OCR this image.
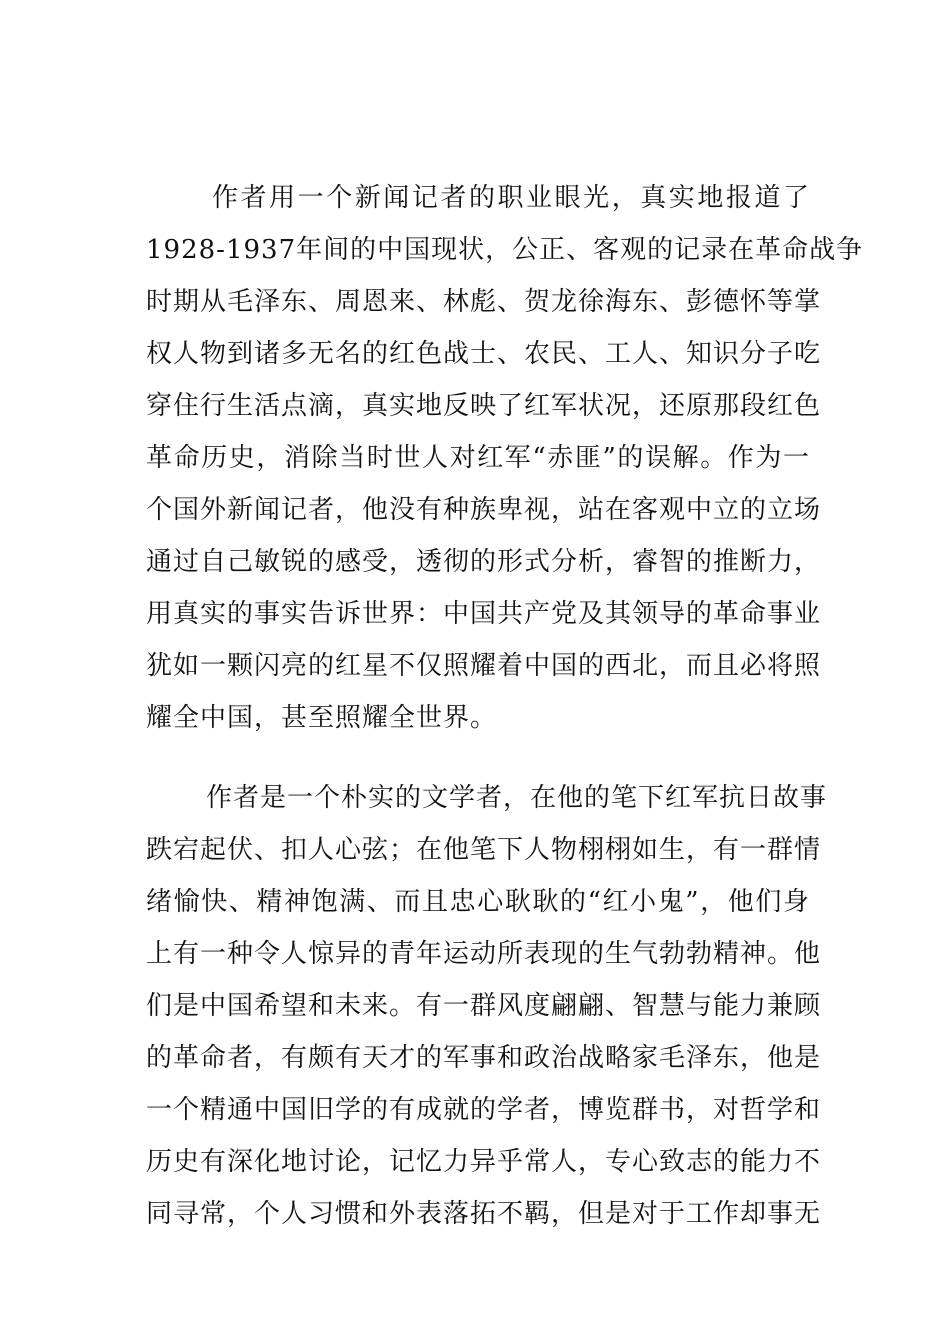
作者用一个新闻记者的职业眼光，真实地报道了
1928-1937年间的中国现状，公正、客观的记录在革命战争
时期从毛泽东、周恩来、林彪、贺龙徐海东、彭德怀等掌
权人物到诸多无名的红色战士、农民、工人、知识分子吃
穿住行生活点滴，真实地反映了红军状况，还原那段红色
革命历史，消除当时世人对红军“赤匪”的误解。作为一
个国外新闻记者，他没有种族卑视，站在客观中立的立场
通过自己敏锐的感受，透彻的形式分析，睿智的推断力，
用真实的事实告诉世界：中国共产党及其领导的革命事业
犹如一颗闪亮的红星不仅照耀着中国的西北，而且必将照
耀全中国，甚至照耀全世界。
作者是一个朴实的文学者，在他的笔下红军抗日故事
跌宕起伏、扣人心弦；在他笔下人物栩栩如生，有一群情
绪愉快、精神饱满、而且忠心耿耿的“红小鬼”，他们身
上有一种令人惊异的青年运动所表现的生气勃勃精神。他
们是中国希望和未来。有一群风度翩翩、智慧与能力兼顾
的革命者，有颇有天才的军事和政治战略家毛泽东，他是
一个精通中国旧学的有成就的学者，博览群书，对哲学和
历史有深化地讨论，记忆力异乎常人，专心致志的能力不
同寻常，个人习惯和外表落拓不羁，但是对于工作却事无
